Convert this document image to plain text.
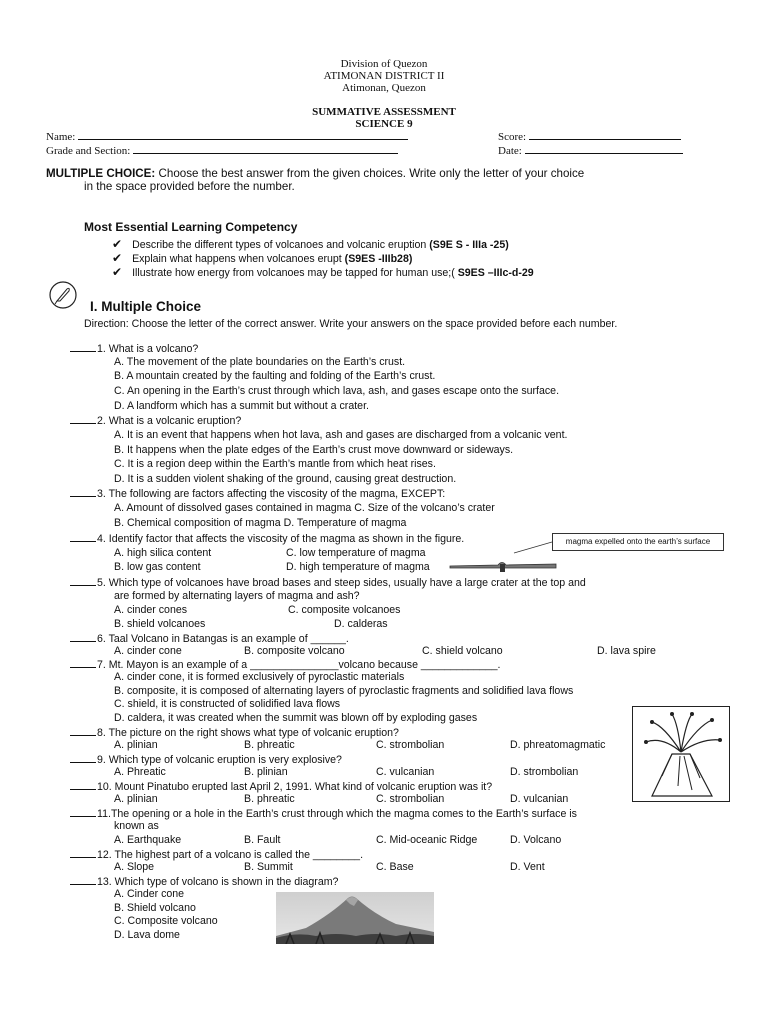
Division of Quezon
ATIMONAN DISTRICT II
Atimonan, Quezon
SUMMATIVE ASSESSMENT
SCIENCE 9
Name:
Grade and Section:
Score:
Date:
MULTIPLE CHOICE: Choose the best answer from the given choices. Write only the letter of your choice
in the space provided before the number.
Most Essential Learning Competency
✔ Describe the different types of volcanoes and volcanic eruption (S9E S - IIIa -25)
✔ Explain what happens when volcanoes erupt (S9ES -IIIb28)
✔ Illustrate how energy from volcanoes may be tapped for human use;( S9ES –IIIc-d-29
I. Multiple Choice
Direction: Choose the letter of the correct answer. Write your answers on the space provided before each number.
1. What is a volcano?
A. The movement of the plate boundaries on the Earth’s crust.
B. A mountain created by the faulting and folding of the Earth’s crust.
C. An opening in the Earth’s crust through which lava, ash, and gases escape onto the surface.
D. A landform which has a summit but without a crater.
2. What is a volcanic eruption?
A. It is an event that happens when hot lava, ash and gases are discharged from a volcanic vent.
B. It happens when the plate edges of the Earth’s crust move downward or sideways.
C. It is a region deep within the Earth’s mantle from which heat rises.
D. It is a sudden violent shaking of the ground, causing great destruction.
3. The following are factors affecting the viscosity of the magma, EXCEPT:
A. Amount of dissolved gases contained in magma C. Size of the volcano’s crater
B. Chemical composition of magma D. Temperature of magma
4. Identify factor that affects the viscosity of the magma as shown in the figure.
A. high silica content	C. low temperature of magma
B. low gas content	D. high temperature of magma
magma expelled onto the earth’s surface
5. Which type of volcanoes have broad bases and steep sides, usually have a large crater at the top and
are formed by alternating layers of magma and ash?
A. cinder cones	C. composite volcanoes
B. shield volcanoes	D. calderas
6. Taal Volcano in Batangas is an example of ______.
A. cinder cone	B. composite volcano	C. shield volcano	D. lava spire
7. Mt. Mayon is an example of a _______________volcano because _____________.
A. cinder cone, it is formed exclusively of pyroclastic materials
B. composite, it is composed of alternating layers of pyroclastic fragments and solidified lava flows
C. shield, it is constructed of solidified lava flows
D. caldera, it was created when the summit was blown off by exploding gases
8. The picture on the right shows what type of volcanic eruption?
A. plinian	B. phreatic	C. strombolian	D. phreatomagmatic
9. Which type of volcanic eruption is very explosive?
A. Phreatic	B. plinian	C. vulcanian	D. strombolian
10. Mount Pinatubo erupted last April 2, 1991. What kind of volcanic eruption was it?
A. plinian	B. phreatic	C. strombolian	D. vulcanian
11.The opening or a hole in the Earth’s crust through which the magma comes to the Earth’s surface is
known as
A. Earthquake	B. Fault	C. Mid-oceanic Ridge	D. Volcano
12. The highest part of a volcano is called the ________.
A. Slope	B. Summit	C. Base	D. Vent
13. Which type of volcano is shown in the diagram?
A. Cinder cone
B. Shield volcano
C. Composite volcano
D. Lava dome
